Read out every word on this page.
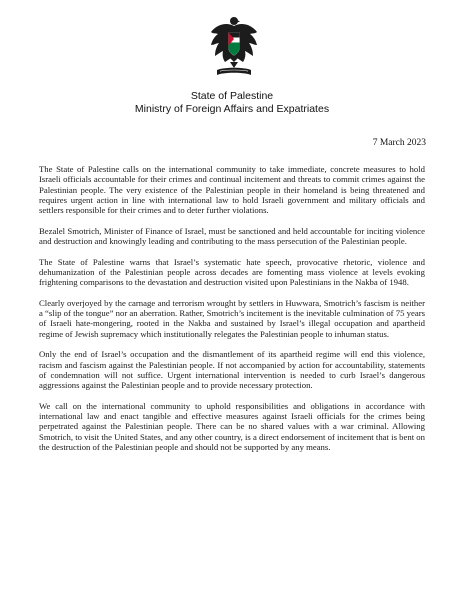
State of Palestine
Ministry of Foreign Affairs and Expatriates
7 March 2023

The State of Palestine calls on the international community to take immediate, concrete measures to hold Israeli officials accountable for their crimes and continual incitement and threats to commit crimes against the Palestinian people. The very existence of the Palestinian people in their homeland is being threatened and requires urgent action in line with international law to hold Israeli government and military officials and settlers responsible for their crimes and to deter further violations.

Bezalel Smotrich, Minister of Finance of Israel, must be sanctioned and held accountable for inciting violence and destruction and knowingly leading and contributing to the mass persecution of the Palestinian people.

The State of Palestine warns that Israel’s systematic hate speech, provocative rhetoric, violence and dehumanization of the Palestinian people across decades are fomenting mass violence at levels evoking frightening comparisons to the devastation and destruction visited upon Palestinians in the Nakba of 1948.

Clearly overjoyed by the carnage and terrorism wrought by settlers in Huwwara, Smotrich’s fascism is neither a “slip of the tongue” nor an aberration. Rather, Smotrich’s incitement is the inevitable culmination of 75 years of Israeli hate-mongering, rooted in the Nakba and sustained by Israel’s illegal occupation and apartheid regime of Jewish supremacy which institutionally relegates the Palestinian people to inhuman status.

Only the end of Israel’s occupation and the dismantlement of its apartheid regime will end this violence, racism and fascism against the Palestinian people. If not accompanied by action for accountability, statements of condemnation will not suffice. Urgent international intervention is needed to curb Israel’s dangerous aggressions against the Palestinian people and to provide necessary protection.

We call on the international community to uphold responsibilities and obligations in accordance with international law and enact tangible and effective measures against Israeli officials for the crimes being perpetrated against the Palestinian people. There can be no shared values with a war criminal. Allowing Smotrich, to visit the United States, and any other country, is a direct endorsement of incitement that is bent on the destruction of the Palestinian people and should not be supported by any means.
